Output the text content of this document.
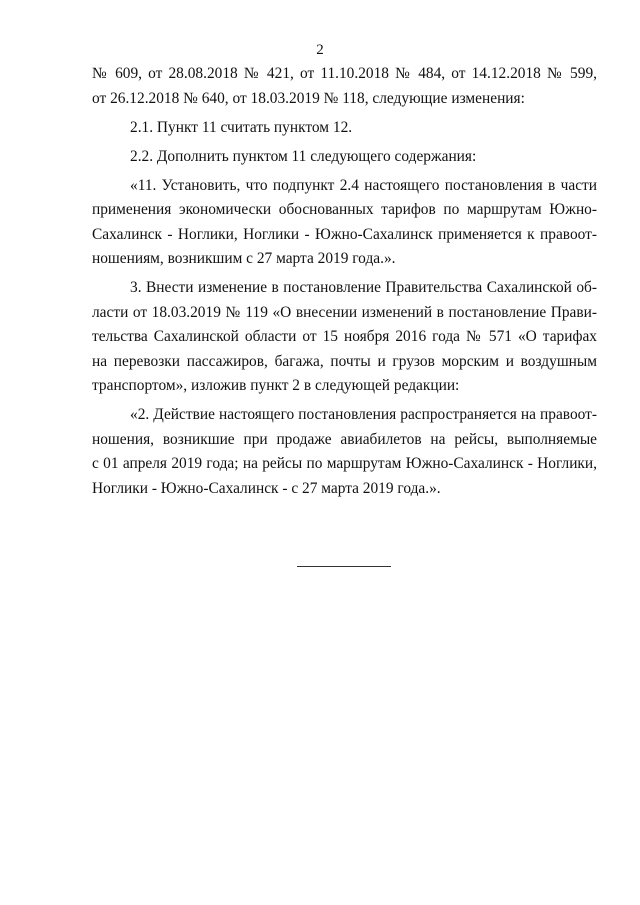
2
№ 609, от 28.08.2018 № 421, от 11.10.2018 № 484, от 14.12.2018 № 599,
от 26.12.2018 № 640, от 18.03.2019 № 118, следующие изменения:
2.1. Пункт 11 считать пунктом 12.
2.2. Дополнить пунктом 11 следующего содержания:
«11. Установить, что подпункт 2.4 настоящего постановления в части
применения экономически обоснованных тарифов по маршрутам Южно-
Сахалинск - Ноглики, Ноглики - Южно-Сахалинск применяется к правоот-
ношениям, возникшим с 27 марта 2019 года.».
3. Внести изменение в постановление Правительства Сахалинской об-
ласти от 18.03.2019 № 119 «О внесении изменений в постановление Прави-
тельства Сахалинской области от 15 ноября 2016 года № 571 «О тарифах
на перевозки пассажиров, багажа, почты и грузов морским и воздушным
транспортом», изложив пункт 2 в следующей редакции:
«2. Действие настоящего постановления распространяется на правоот-
ношения, возникшие при продаже авиабилетов на рейсы, выполняемые
с 01 апреля 2019 года; на рейсы по маршрутам Южно-Сахалинск - Ноглики,
Ноглики - Южно-Сахалинск - с 27 марта 2019 года.».
